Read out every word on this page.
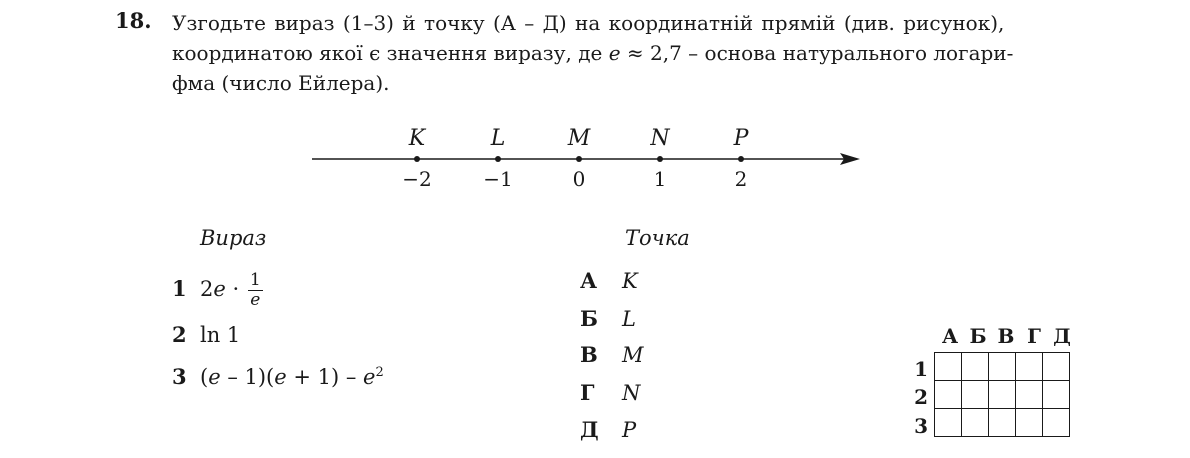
18. Узгодьте вираз (1–3) й точку (А – Д) на координатній прямій (див. рисунок),
координатою якої є значення виразу, де e ≈ 2,7 – основа натурального логари-
фма (число Ейлера).
K
−2
L
−1
M
0
N
1
P
2
Вираз
1 $2e \cdot \frac{1}{e}$
2 ln 1
3 $(e - 1)(e + 1) - e^2$
Точка
А K
Б L
В M
Г N
Д P
А Б В Г Д
1
2
3
